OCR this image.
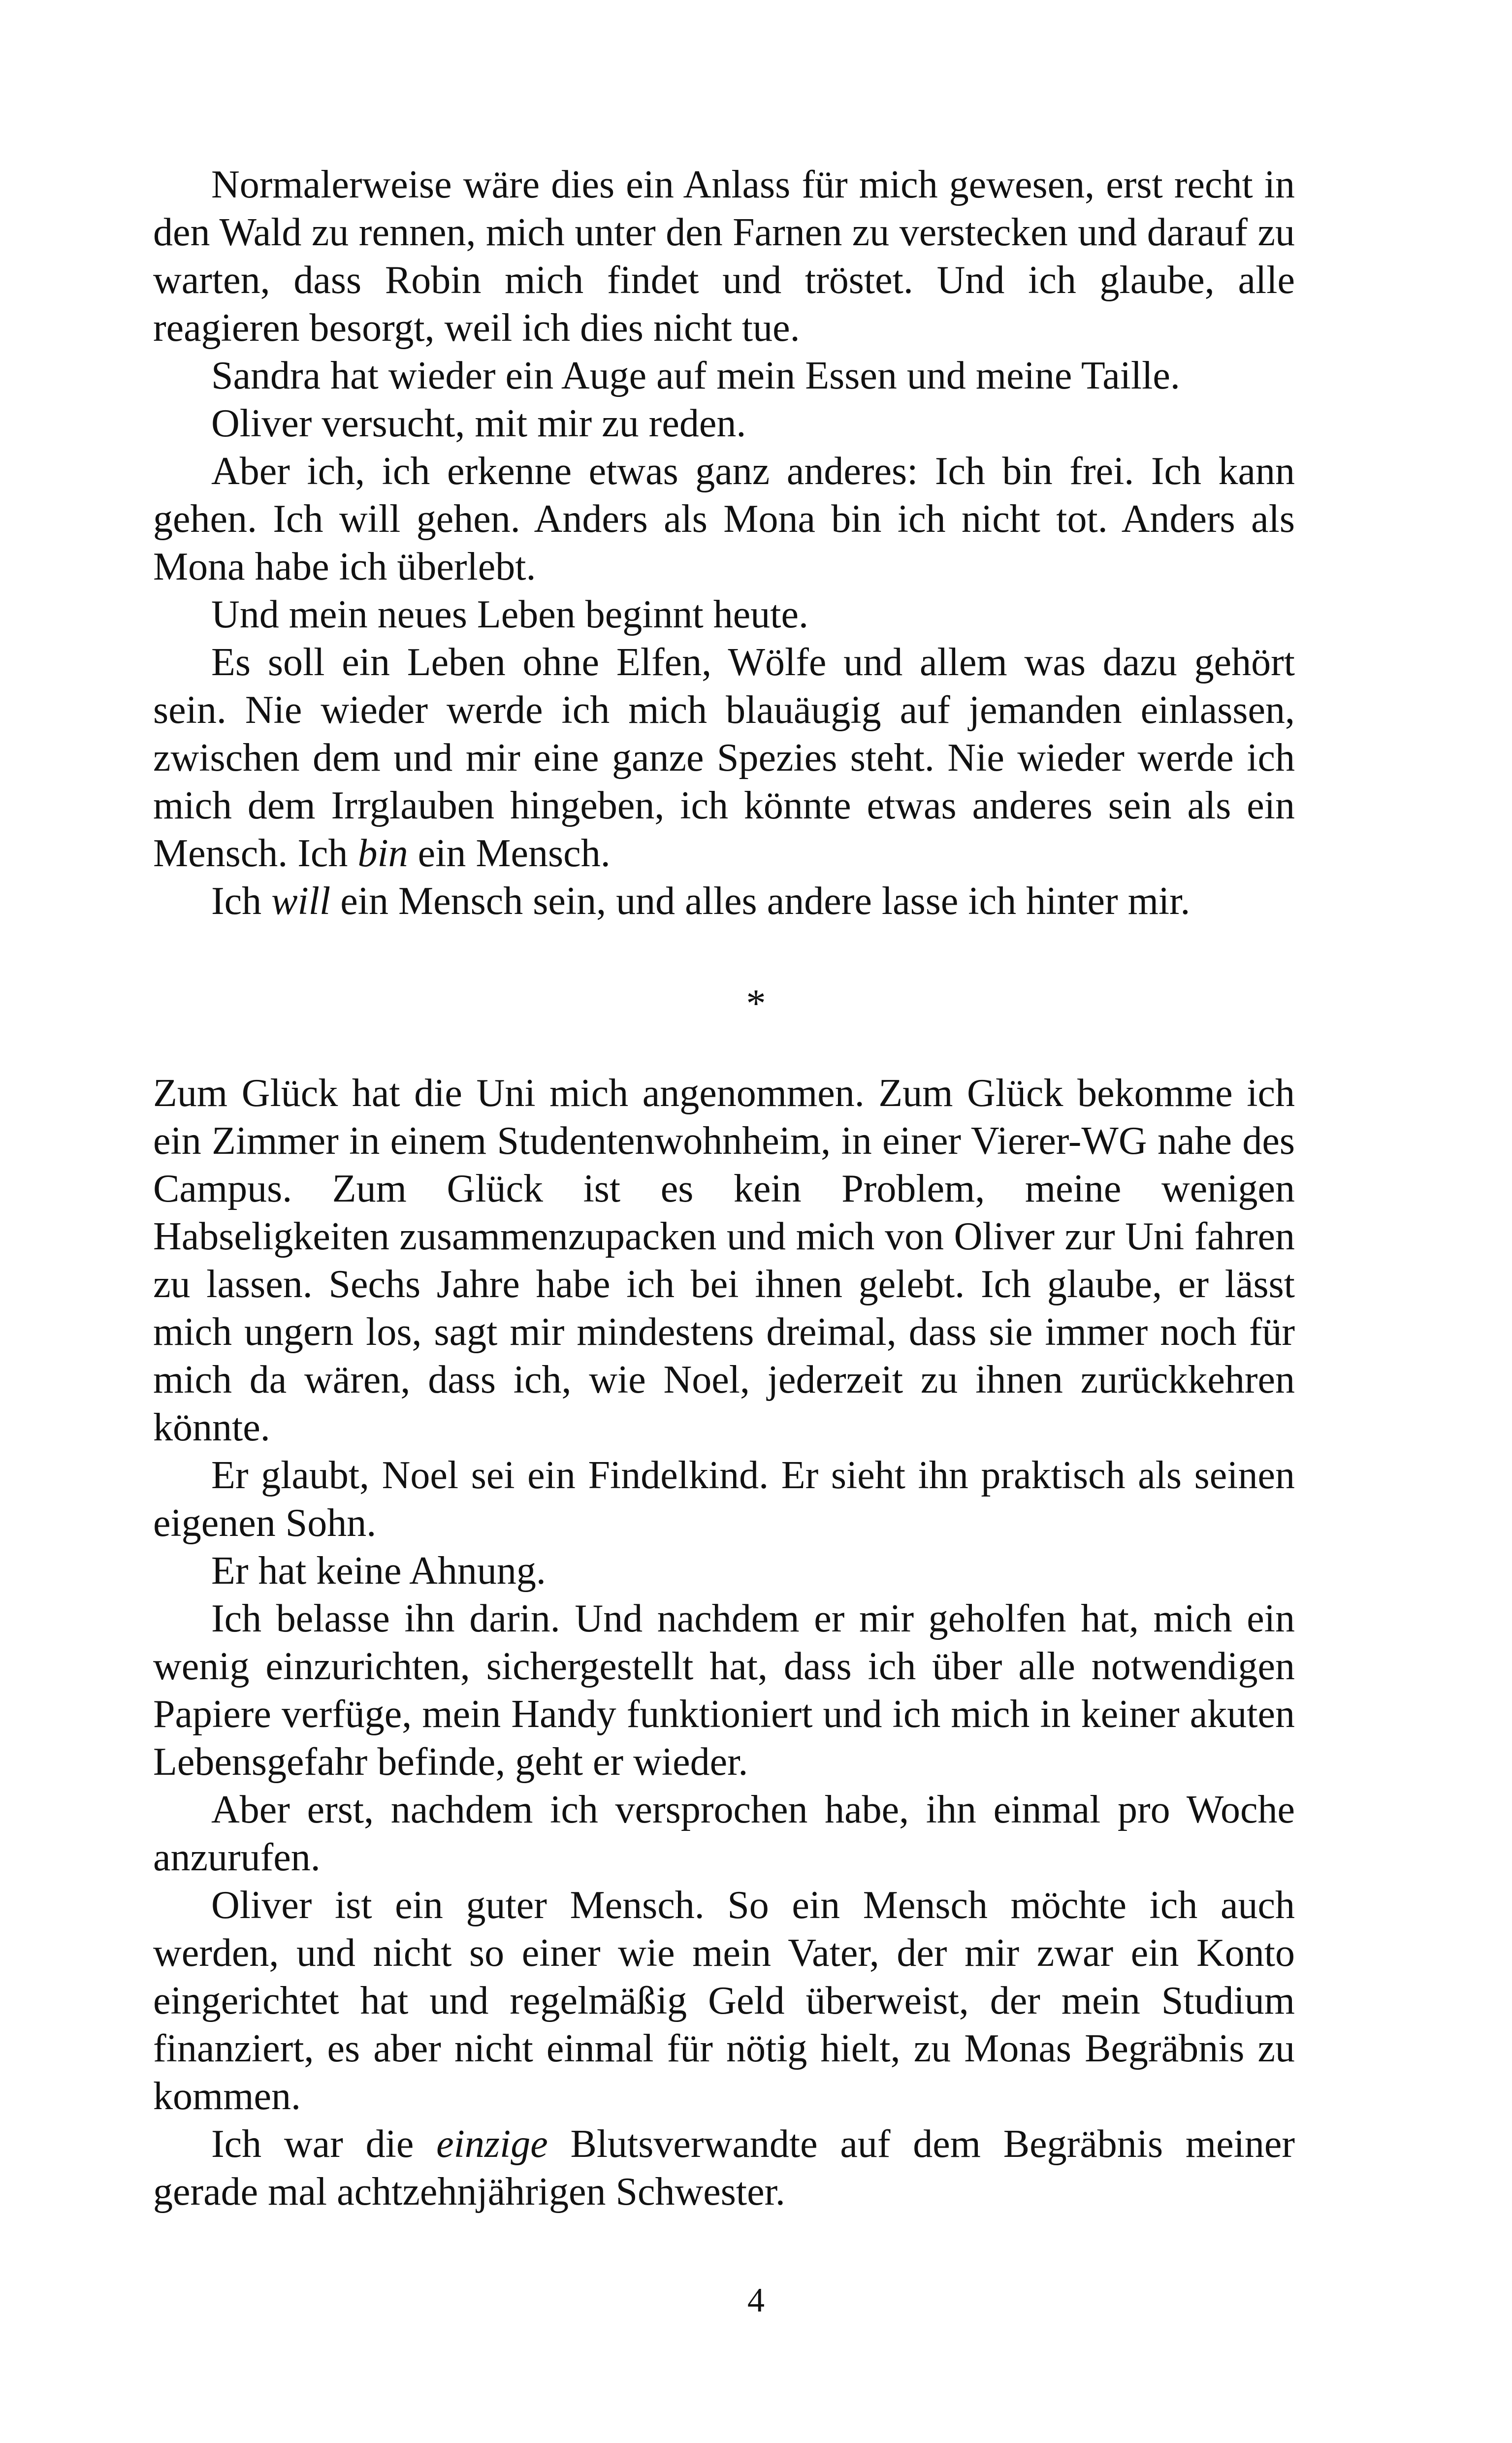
Normalerweise wäre dies ein Anlass für mich gewesen, erst recht in den Wald zu rennen, mich unter den Farnen zu verstecken und darauf zu warten, dass Robin mich findet und tröstet. Und ich glaube, alle reagieren besorgt, weil ich dies nicht tue.

Sandra hat wieder ein Auge auf mein Essen und meine Taille.

Oliver versucht, mit mir zu reden.

Aber ich, ich erkenne etwas ganz anderes: Ich bin frei. Ich kann gehen. Ich will gehen. Anders als Mona bin ich nicht tot. Anders als Mona habe ich überlebt.

Und mein neues Leben beginnt heute.

Es soll ein Leben ohne Elfen, Wölfe und allem was dazu gehört sein. Nie wieder werde ich mich blauäugig auf jemanden einlassen, zwischen dem und mir eine ganze Spezies steht. Nie wieder werde ich mich dem Irrglauben hingeben, ich könnte etwas anderes sein als ein Mensch. Ich bin ein Mensch.

Ich will ein Mensch sein, und alles andere lasse ich hinter mir.

*

Zum Glück hat die Uni mich angenommen. Zum Glück bekomme ich ein Zimmer in einem Studentenwohnheim, in einer Vierer-WG nahe des Campus. Zum Glück ist es kein Problem, meine wenigen Habseligkeiten zusammenzupacken und mich von Oliver zur Uni fahren zu lassen. Sechs Jahre habe ich bei ihnen gelebt. Ich glaube, er lässt mich ungern los, sagt mir mindestens dreimal, dass sie immer noch für mich da wären, dass ich, wie Noel, jederzeit zu ihnen zurückkehren könnte.

Er glaubt, Noel sei ein Findelkind. Er sieht ihn praktisch als seinen eigenen Sohn.

Er hat keine Ahnung.

Ich belasse ihn darin. Und nachdem er mir geholfen hat, mich ein wenig einzurichten, sichergestellt hat, dass ich über alle notwendigen Papiere verfüge, mein Handy funktioniert und ich mich in keiner akuten Lebensgefahr befinde, geht er wieder.

Aber erst, nachdem ich versprochen habe, ihn einmal pro Woche anzurufen.

Oliver ist ein guter Mensch. So ein Mensch möchte ich auch werden, und nicht so einer wie mein Vater, der mir zwar ein Konto eingerichtet hat und regelmäßig Geld überweist, der mein Studium finanziert, es aber nicht einmal für nötig hielt, zu Monas Begräbnis zu kommen.

Ich war die einzige Blutsverwandte auf dem Begräbnis meiner gerade mal achtzehnjährigen Schwester.

4
